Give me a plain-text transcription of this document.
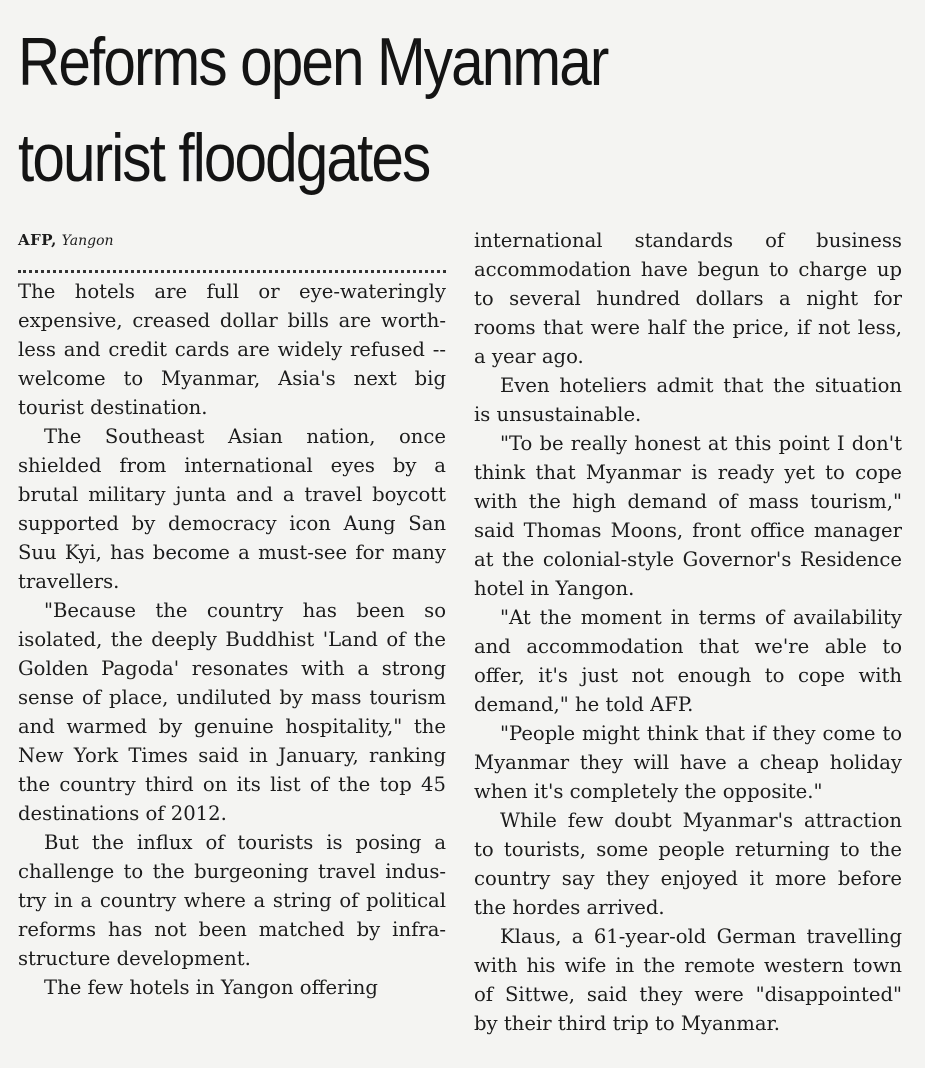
Reforms open Myanmar
tourist floodgates
AFP, Yangon

The hotels are full or eye-wateringly expensive, creased dollar bills are worthless and credit cards are widely refused -- welcome to Myanmar, Asia's next big tourist destination.

The Southeast Asian nation, once shielded from international eyes by a brutal military junta and a travel boycott supported by democracy icon Aung San Suu Kyi, has become a must-see for many travellers.

"Because the country has been so isolated, the deeply Buddhist 'Land of the Golden Pagoda' resonates with a strong sense of place, undiluted by mass tourism and warmed by genuine hospitality," the New York Times said in January, ranking the country third on its list of the top 45 destinations of 2012.

But the influx of tourists is posing a challenge to the burgeoning travel industry in a country where a string of political reforms has not been matched by infrastructure development.

The few hotels in Yangon offering

international standards of business accommodation have begun to charge up to several hundred dollars a night for rooms that were half the price, if not less, a year ago.

Even hoteliers admit that the situation is unsustainable.

"To be really honest at this point I don't think that Myanmar is ready yet to cope with the high demand of mass tourism," said Thomas Moons, front office manager at the colonial-style Governor's Residence hotel in Yangon.

"At the moment in terms of availability and accommodation that we're able to offer, it's just not enough to cope with demand," he told AFP.

"People might think that if they come to Myanmar they will have a cheap holiday when it's completely the opposite."

While few doubt Myanmar's attraction to tourists, some people returning to the country say they enjoyed it more before the hordes arrived.

Klaus, a 61-year-old German travelling with his wife in the remote western town of Sittwe, said they were "disappointed" by their third trip to Myanmar.
